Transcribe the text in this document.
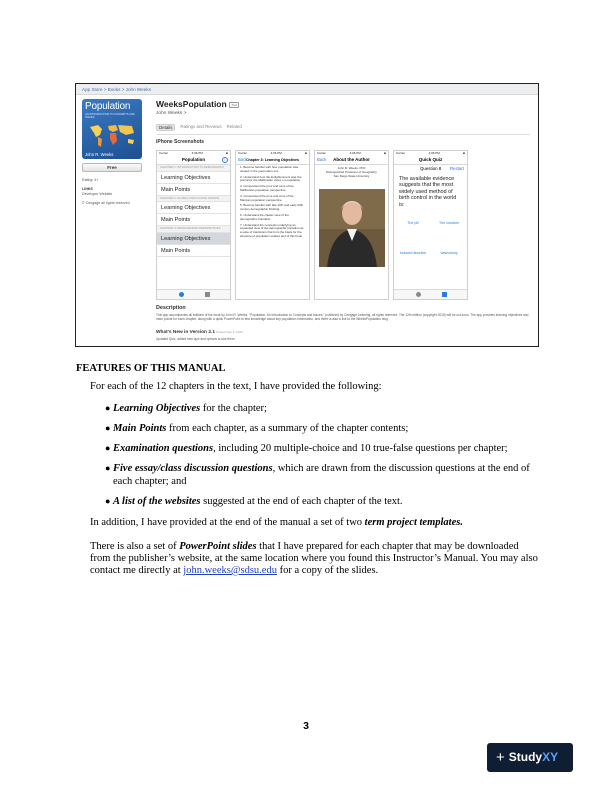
App Store > Books > John Weeks
Population
AN INTRODUCTION TO CONCEPTS AND ISSUES
John R. Weeks
Free
Rating: 4+
LINKS
Developer Website
© Cengage all rights reserved
WeeksPopulation iPad
John Weeks >
Details	Ratings and Reviews Related
iPhone Screenshots
Carrier	4:06 PM	■
Population	i
CHAPTER 1: INTRODUCTION TO DEMOGRAPHY
Learning Objectives
Main Points
CHAPTER 2: GLOBAL POPULATION TRENDS
Learning Objectives
Main Points
CHAPTER 3: DEMOGRAPHIC PERSPECTIVES
Learning Objectives
Main Points
Carrier	4:06 PM	■
Back
Chapter 3: Learning Objectives
1. Become familiar with how population was viewed in the premodern era.
2. Understand how the Enlightenment was the precursor the Malthusian views on population.
3. Comprehend the pros and cons of the Malthusian population perspective.
4. Comprehend the pros and cons of the Marxian population perspective.
5. Become familiar with late 19th and early 20th century demographic thinking.
6. Understand the classic view of the demographic transition.
7. Understand the concepts underlying an expanded view of the demographic transition as a suite of transitions that form the basis for the structure of population studies and of this book.
Carrier	4:06 PM	■
Back About the Author
John R. Weeks, PhD
Distinguished Professor of Geography
San Diego State University
Carrier	4:06 PM	■
Quick Quiz
Question 8 Restart
The available evidence suggests that the most widely used method of birth control in the world is:
The pill	The condom
Induced abortion	Vasectomy
Description
This app accompanies all editions of the book by John R. Weeks, "Population: An Introduction to Concepts and Issues," published by Cengage Learning, all rights reserved. The 12th edition (copyright 2015) will be out soon. The app provides learning objectives and main points for each chapter, along with a quick PowerPoint to test knowledge about key population information, and there is also a link to the WeeksPopulation blog.
What's New in Version 2.1 Posted Sep 4, 2014
Updated Quiz, added new quiz and options to use them
FEATURES OF THIS MANUAL
For each of the 12 chapters in the text, I have provided the following:
● Learning Objectives for the chapter;
● Main Points from each chapter, as a summary of the chapter contents;
● Examination questions, including 20 multiple-choice and 10 true-false questions per chapter;
● Five essay/class discussion questions, which are drawn from the discussion questions at the end of each chapter; and
● A list of the websites suggested at the end of each chapter of the text.
In addition, I have provided at the end of the manual a set of two term project templates.
There is also a set of PowerPoint slides that I have prepared for each chapter that may be downloaded from the publisher’s website, at the same location where you found this Instructor’s Manual. You may also contact me directly at john.weeks@sdsu.edu for a copy of the slides.
3
+ StudyXY
